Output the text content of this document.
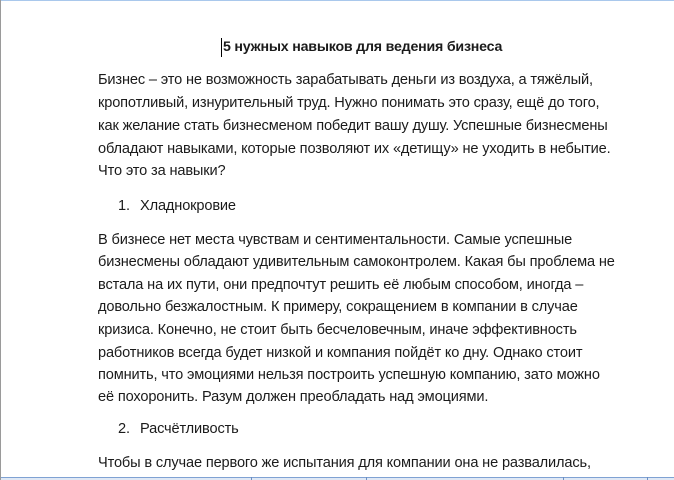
5 нужных навыков для ведения бизнеса
Бизнес – это не возможность зарабатывать деньги из воздуха, а тяжёлый,
кропотливый, изнурительный труд. Нужно понимать это сразу, ещё до того,
как желание стать бизнесменом победит вашу душу. Успешные бизнесмены
обладают навыками, которые позволяют их «детищу» не уходить в небытие.
Что это за навыки?
1. Хладнокровие
В бизнесе нет места чувствам и сентиментальности. Самые успешные
бизнесмены обладают удивительным самоконтролем. Какая бы проблема не
встала на их пути, они предпочтут решить её любым способом, иногда –
довольно безжалостным. К примеру, сокращением в компании в случае
кризиса. Конечно, не стоит быть бесчеловечным, иначе эффективность
работников всегда будет низкой и компания пойдёт ко дну. Однако стоит
помнить, что эмоциями нельзя построить успешную компанию, зато можно
её похоронить. Разум должен преобладать над эмоциями.
2. Расчётливость
Чтобы в случае первого же испытания для компании она не развалилась,
